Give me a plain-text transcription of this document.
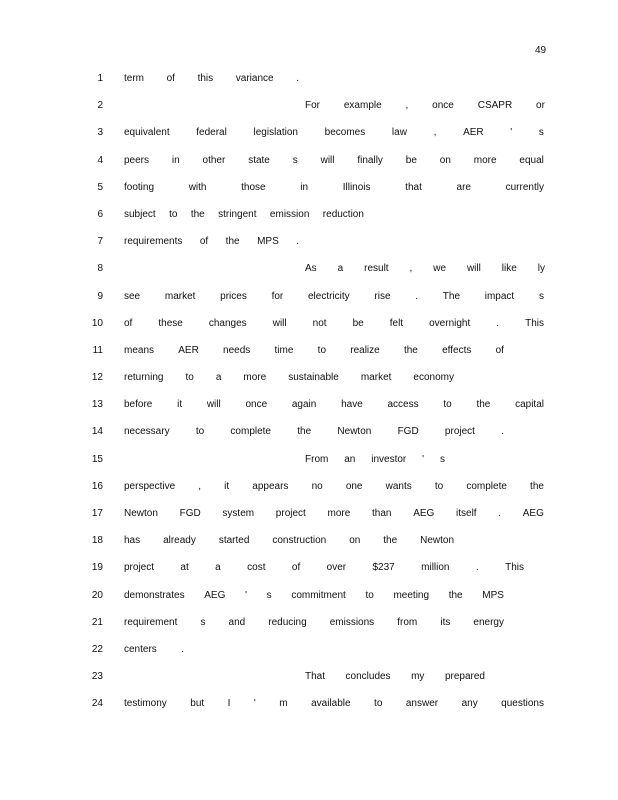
49
1 term of this variance .
2	For example , once CSAPR or
3 equivalent	federal	legislation	becomes	law	,	AER	'	s
4 peers in other state s will finally be on more equal
5 footing	with	those	in	Illinois	that	are	currently
6 subject to the stringent emission reduction
7 requirements of the MPS .
8	As a result , we will like ly
9 see market prices for electricity rise . The impact s
10 of	these	changes	will	not	be	felt	overnight	.	This
11 means AER needs time to realize the effects of
12 returning to a more sustainable market economy
13 before it will once again have access to the capital
14 necessary	to	complete	the	Newton	FGD	project	.
15	From an investor ' s
16 perspective , it appears no one wants to complete the
17 Newton FGD system project more than AEG itself . AEG
18 has already started construction on the Newton
19 project	at	a	cost	of	over	$237	million	.	This
20 demonstrates AEG ' s commitment to meeting the MPS
21 requirement s and reducing emissions from its energy
22 centers .
23	That concludes my prepared
24 testimony but I ' m available to answer any questions
